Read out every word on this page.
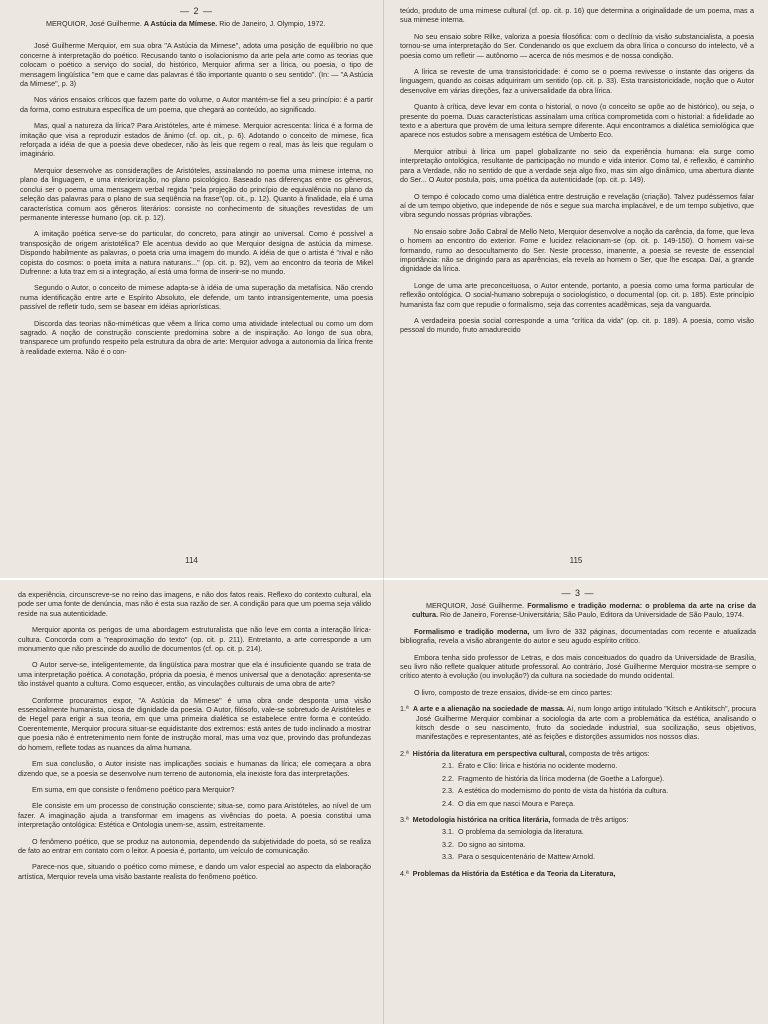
— 2 —

MERQUIOR, José Guilherme. A Astúcia da Mímese. Rio de Janeiro, J. Olympio, 1972.

José Guilherme Merquior, em sua obra "A Astúcia da Mimese", adota uma posição de equilíbrio no que concerne à interpretação do poético. Recusando tanto o isolacionismo da arte pela arte como as teorias que colocam o poético a serviço do social, do histórico, Merquior afirma ser a lírica, ou poesia, o tipo de mensagem lingüística "em que e came das palavras é tão importante quanto o seu sentido". (In: — "A Astúcia da Mimese", p. 3)

Nos vários ensaios críticos que fazem parte do volume, o Autor mantém-se fiel a seu princípio: é a partir da forma, como estrutura específica de um poema, que chegará ao conteúdo, ao significado.

Mas, qual a natureza da lírica? Para Aristóteles, arte é mimese. Merquior acrescenta: lírica é a forma de imitação que visa a reproduzir estados de ânimo (cf. op. cit., p. 6). Adotando o conceito de mimese, fica reforçada a idéia de que a poesia deve obedecer, não às leis que regem o real, mas às leis que regulam o imaginário.

Merquior desenvolve as considerações de Aristóteles, assinalando no poema uma mimese interna, no plano da linguagem, e uma interiorização, no plano psicológico. Baseado nas diferenças entre os gêneros, conclui ser o poema uma mensagem verbal regida "pela projeção do princípio de equivalência no plano da seleção das palavras para o plano de sua seqüência na frase"(op. cit., p. 12). Quanto à finalidade, ela é uma característica comum aos gêneros literários: consiste no conhecimento de situações revestidas de um permanente interesse humano (op. cit. p. 12).

A imitação poética serve-se do particular, do concreto, para atingir ao universal. Como é possível a transposição de origem aristotélica? Ele acentua devido ao que Merquior designa de astúcia da mimese. Dispondo habilmente as palavras, o poeta cria uma imagem do mundo. A idéia de que o artista é "rival e não copista do cosmos: o poeta imita a natura naturans..." (op. cit. p. 92), vem ao encontro da teoria de Mikel Dufrenne: a luta traz em si a integração, aí está uma forma de inserir-se no mundo.

Segundo o Autor, o conceito de mimese adapta-se à idéia de uma superação da metafísica. Não crendo numa identificação entre arte e Espírito Absoluto, ele defende, um tanto intransigentemente, uma poesia passível de refletir tudo, sem se basear em idéias apriorísticas.

Discorda das teorias não-miméticas que vêem a lírica como uma atividade intelectual ou como um dom sagrado. A noção de construção consciente predomina sobre a de inspiração. Ao longo de sua obra, transparece um profundo respeito pela estrutura da obra de arte: Merquior advoga a autonomia da lírica frente à realidade externa. Não é o con-

114

teúdo, produto de uma mimese cultural (cf. op. cit. p. 16) que determina a originalidade de um poema, mas a sua mimese interna.

No seu ensaio sobre Rilke, valoriza a poesia filosófica: com o declínio da visão substancialista, a poesia tornou-se uma interpretação do Ser. Condenando os que excluem da obra lírica o concurso do intelecto, vê a poesia como um refletir — autônomo — acerca de nós mesmos e de nossa condição.

A lírica se reveste de uma transistoricidade: é como se o poema revivesse o instante das origens da linguagem, quando as coisas adquiriram um sentido (op. cit. p. 33). Esta transistoricidade, noção que o Autor desenvolve em várias direções, faz a universalidade da obra lírica.

Quanto à crítica, deve levar em conta o historial, o novo (o conceito se opõe ao de histórico), ou seja, o presente do poema. Duas características assinalam uma crítica comprometida com o historial: a fidelidade ao texto e a abertura que provém de uma leitura sempre diferente. Aqui encontramos a dialética semiológica que aparece nos estudos sobre a mensagem estética de Umberto Eco.

Merquior atribui à lírica um papel globalizante no seio da experiência humana: ela surge como interpretação ontológica, resultante de participação no mundo e vida interior. Como tal, é reflexão, é caminho para a Verdade, não no sentido de que a verdade seja algo fixo, mas sim algo dinâmico, uma abertura diante do Ser... O Autor postula, pois, uma poética da autenticidade (op. cit. p. 149).

O tempo é colocado como uma dialética entre destruição e revelação (criação). Talvez pudéssemos falar aí de um tempo objetivo, que independe de nós e segue sua marcha implacável, e de um tempo subjetivo, que vibra segundo nossas próprias vibrações.

No ensaio sobre João Cabral de Mello Neto, Merquior desenvolve a noção da carência, da fome, que leva o homem ao encontro do exterior. Fome e lucidez relacionam-se (op. cit. p. 149-150). O homem vai-se formando, rumo ao desocultamento do Ser. Neste processo, imanente, a poesia se reveste de essencial importância: não se dirigindo para as aparências, ela revela ao homem o Ser, que lhe escapa. Daí, a grande dignidade da lírica.

Longe de uma arte preconceituosa, o Autor entende, portanto, a poesia como uma forma particular de reflexão ontológica. O social-humano sobrepuja o sociologístico, o documental (op. cit. p. 185). Este princípio humanista faz com que repudie o formalismo, seja das correntes acadêmicas, seja da vanguarda.

A verdadeira poesia social corresponde a uma "crítica da vida" (op. cit. p. 189). A poesia, como visão pessoal do mundo, fruto amadurecido

115

da experiência, circunscreve-se no reino das imagens, e não dos fatos reais. Reflexo do contexto cultural, ela pode ser uma fonte de denúncia, mas não é esta sua razão de ser. A condição para que um poema seja válido reside na sua autenticidade.

Merquior aponta os perigos de uma abordagem estruturalista que não leve em conta a interação lírica-cultura. Concorda com a "reaproximação do texto" (op. cit. p. 211). Entretanto, a arte corresponde a um monumento que não prescinde do auxílio de documentos (cf. op. cit. p. 214).

O Autor serve-se, inteligentemente, da lingüística para mostrar que ela é insuficiente quando se trata de uma interpretação poética. A conotação, própria da poesia, é menos universal que a denotação: apresenta-se tão instável quanto a cultura. Como esquecer, então, as vinculações culturais de uma obra de arte?

Conforme procuramos expor, "A Astúcia da Mimese" é uma obra onde desponta uma visão essencialmente humanista, ciosa de dignidade da poesia. O Autor, filósofo, vale-se sobretudo de Aristóteles e de Hegel para erigir a sua teoria, em que uma primeira dialética se estabelece entre forma e conteúdo. Coerentemente, Merquior procura situar-se equidistante dos extremos: está antes de tudo inclinado a mostrar que poesia não é entretenimento nem fonte de instrução moral, mas uma voz que, provindo das profundezas do homem, reflete todas as nuances da alma humana.

Em sua conclusão, o Autor insiste nas implicações sociais e humanas da lírica; ele começara a obra dizendo que, se a poesia se desenvolve num terreno de autonomia, ela inexiste fora das interpretações.

Em suma, em que consiste o fenômeno poético para Merquior?

Ele consiste em um processo de construção consciente; situa-se, como para Aristóteles, ao nível de um fazer. A imaginação ajuda a transformar em imagens as vivências do poeta. A poesia constitui uma interpretação ontológica: Estética e Ontologia unem-se, assim, estreitamente.

O fenômeno poético, que se produz na autonomia, dependendo da subjetividade do poeta, só se realiza de fato ao entrar em contato com o leitor. A poesia é, portanto, um veículo de comunicação.

Parece-nos que, situando o poético como mimese, e dando um valor especial ao aspecto da elaboração artística, Merquior revela uma visão bastante realista do fenômeno poético.

— 3 —

MERQUIOR, José Guilherme. Formalismo e tradição moderna: o problema da arte na crise da cultura. Rio de Janeiro, Forense-Universitária; São Paulo, Editora da Universidade de São Paulo, 1974.

Formalismo e tradição moderna, um livro de 332 páginas, documentadas com recente e atualizada bibliografia, revela a visão abrangente do autor e seu agudo espírito crítico.

Embora tenha sido professor de Letras, e dos mais conceituados do quadro da Universidade de Brasília, seu livro não reflete qualquer atitude professoral. Ao contrário, José Guilherme Merquior mostra-se sempre o crítico atento à evolução (ou involução?) da cultura na sociedade do mundo ocidental.

O livro, composto de treze ensaios, divide-se em cinco partes:

1.ª A arte e a alienação na sociedade de massa. Aí, num longo artigo intitulado "Kitsch e Antikitsch", procura José Guilherme Merquior combinar a sociologia da arte com a problemática da estética, analisando o kitsch desde o seu nascimento, fruto da sociedade industrial, sua socilização, seus objetivos, manifestações e representantes, até as feições e distorções assumidos nos nossos dias.
2.ª História da literatura em perspectiva cultural, composta de três artigos:
2.1. Érato e Clio: lírica e história no ocidente moderno.
2.2. Fragmento de história da lírica moderna (de Goethe a Laforgue).
2.3. A estética do modernismo do ponto de vista da história da cultura.
2.4. O dia em que nasci Moura e Pareça.
3.ª Metodologia histórica na crítica literária, formada de três artigos:
3.1. O problema da semiologia da literatura.
3.2. Do signo ao sintoma.
3.3. Para o sesquicentenário de Mattew Arnold.
4.ª Problemas da História da Estética e da Teoria da Literatura,
